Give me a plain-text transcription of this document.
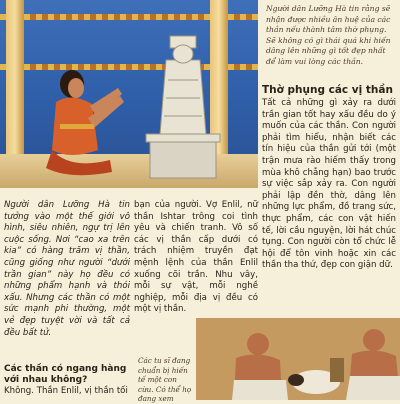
Người dân Lưỡng Hà tin rằng sẽ nhận được nhiều ân huệ của các thần nếu thành tâm thờ phụng. Sẽ không có gì thái quá khi hiến dâng lên những gì tốt đẹp nhất để làm vui lòng các thần.
Thờ phụng các vị thần
Tất cả những gì xảy ra dưới trần gian tốt hay xấu đều do ý muốn của các thần. Con người phải tìm hiểu, nhận biết các tín hiệu của thần gửi tới (một trận mưa rào hiếm thấy trong mùa khô chẳng hạn) bao trước sự việc sắp xảy ra. Con người phải lập đền thờ, dâng lên những lực phẩm, đồ trang sức, thực phẩm, các con vật hiến tế, lời cầu nguyện, lời hát chúc tụng. Con người còn tổ chức lễ hội để tôn vinh hoặc xin các thần tha thứ, đẹp con giận dữ.
Người dân Lưỡng Hà tin tưởng vào một thế giới vô hình, siêu nhiên, ngự trị lên cuộc sống. Nơi “cao xa trên kia” có hàng trăm vị thần, cũng giống như người “dưới trần gian” này họ đều có những phẩm hạnh và thói xấu. Nhưng các thần có một sức mạnh phi thường, một vẻ đẹp tuyệt vời và tất cả đều bất tử.
Các thần có ngang hàng với nhau không?
Không. Thần Enlil, vị thần tối
bạn của người. Vợ Enlil, nữ thần Ishtar trông coi tình yêu và chiến tranh. Vô số các vị thần cấp dưới có trách nhiệm truyền đạt mệnh lệnh của thần Enlil xuống cõi trần. Nhu vây, mỗi sự vật, mỗi nghề nghiệp, mỗi địa vị đều có một vị thần.
Các tu sĩ đang chuẩn bị hiến tế một con cừu. Có thể họ đang xem
